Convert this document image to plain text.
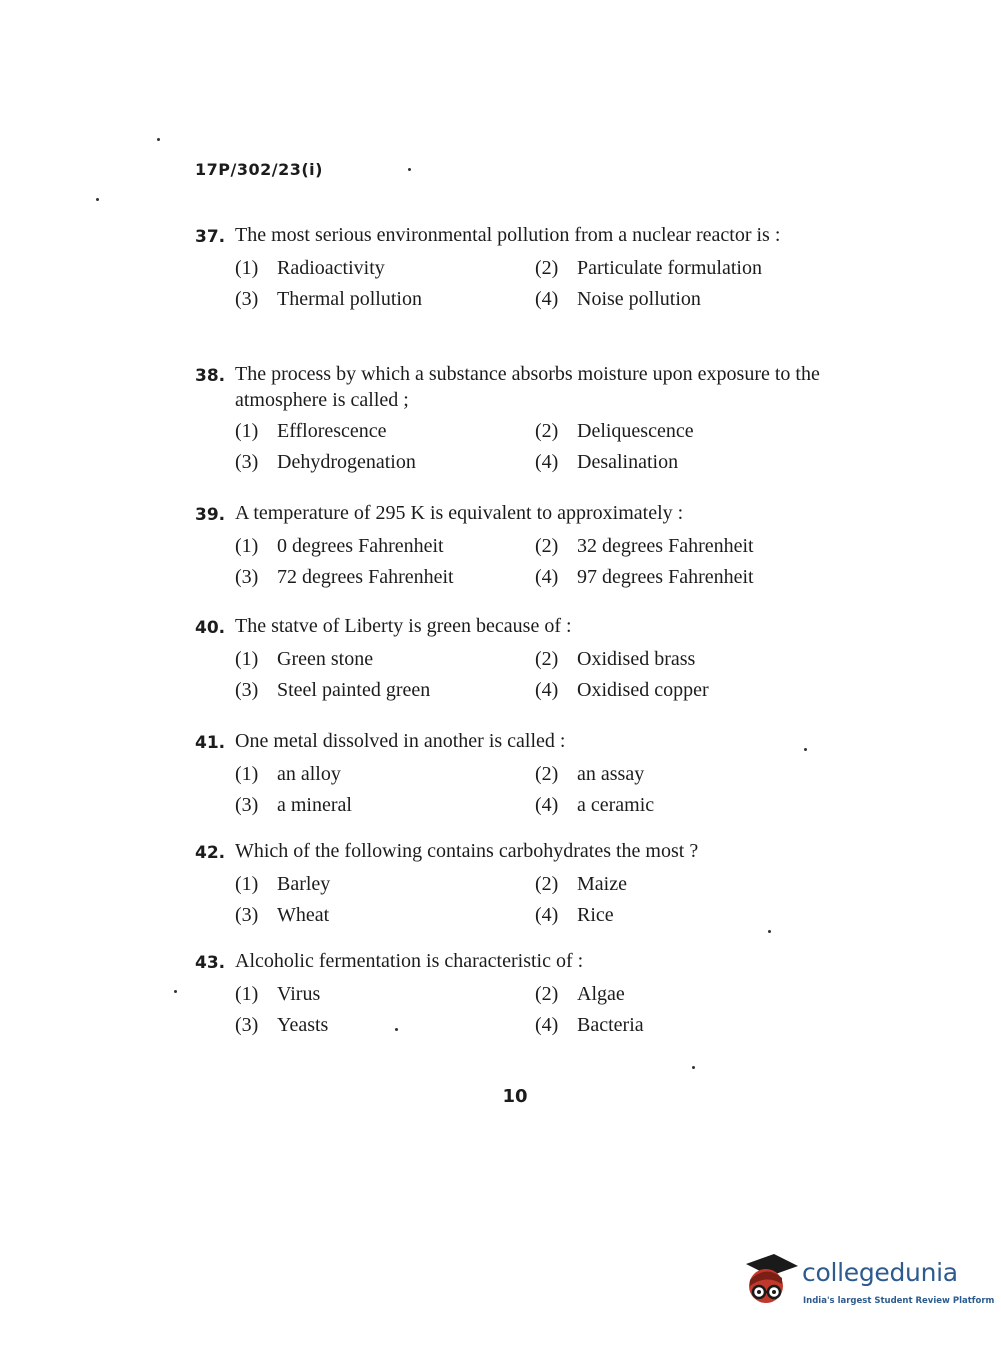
17P/302/23(i)
37. The most serious environmental pollution from a nuclear reactor is :
(1) Radioactivity	(2) Particulate formulation
(3) Thermal pollution	(4) Noise pollution
38. The process by which a substance absorbs moisture upon exposure to the atmosphere is called ;
(1) Efflorescence	(2) Deliquescence
(3) Dehydrogenation	(4) Desalination
39. A temperature of 295 K is equivalent to approximately :
(1) 0 degrees Fahrenheit	(2) 32 degrees Fahrenheit
(3) 72 degrees Fahrenheit	(4) 97 degrees Fahrenheit
40. The statve of Liberty is green because of :
(1) Green stone	(2) Oxidised brass
(3) Steel painted green	(4) Oxidised copper
41. One metal dissolved in another is called :
(1) an alloy	(2) an assay
(3) a mineral	(4) a ceramic
42. Which of the following contains carbohydrates the most ?
(1) Barley	(2) Maize
(3) Wheat	(4) Rice
43. Alcoholic fermentation is characteristic of :
(1) Virus	(2) Algae
(3) Yeasts	(4) Bacteria
10
collegedunia
India's largest Student Review Platform
